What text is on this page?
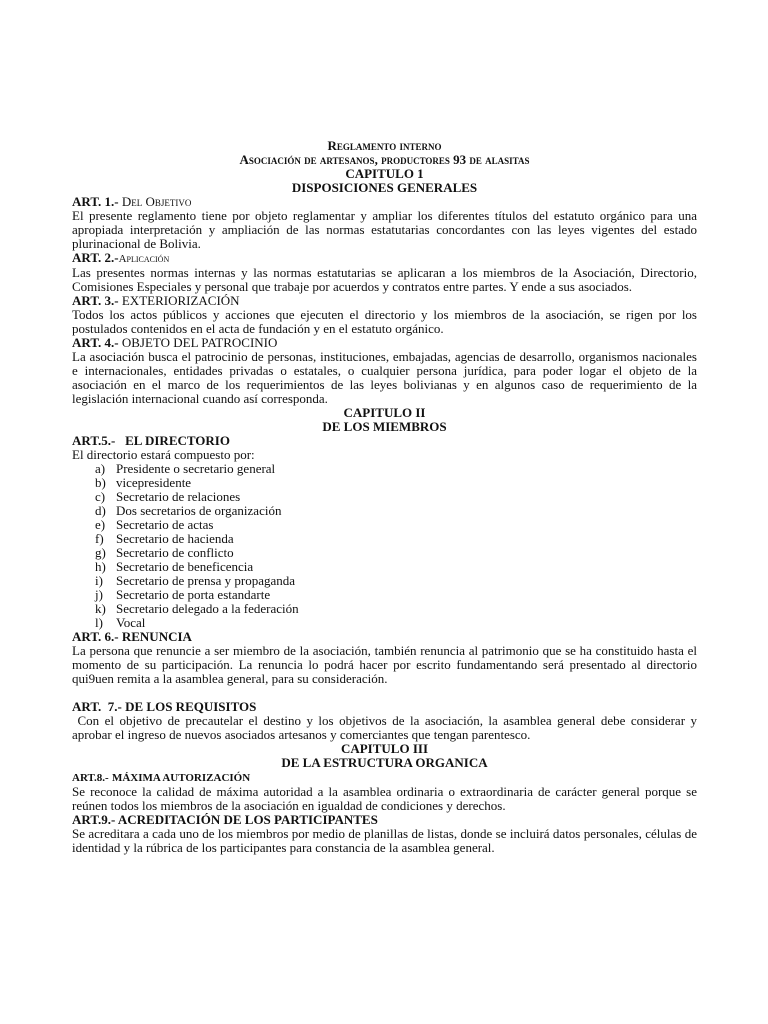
Reglamento interno
Asociación de artesanos, productores 93 de alasitas
CAPITULO 1
DISPOSICIONES GENERALES
ART. 1.- Del Objetivo

El presente reglamento tiene por objeto reglamentar y ampliar los diferentes títulos del estatuto orgánico para una apropiada interpretación y ampliación de las normas estatutarias concordantes con las leyes vigentes del estado plurinacional de Bolivia.

ART. 2.-Aplicación

Las presentes normas internas y las normas estatutarias se aplicaran a los miembros de la Asociación, Directorio, Comisiones Especiales y personal que trabaje por acuerdos y contratos entre partes. Y ende a sus asociados.

ART. 3.- EXTERIORIZACIÓN

Todos los actos públicos y acciones que ejecuten el directorio y los miembros de la asociación, se rigen por los postulados contenidos en el acta de fundación y en el estatuto orgánico.

ART. 4.- OBJETO DEL PATROCINIO

La asociación busca el patrocinio de personas, instituciones, embajadas, agencias de desarrollo, organismos nacionales e internacionales, entidades privadas o estatales, o cualquier persona jurídica, para poder logar el objeto de la asociación en el marco de los requerimientos de las leyes bolivianas y en algunos caso de requerimiento de la legislación internacional cuando así corresponda.

CAPITULO II
DE LOS MIEMBROS
ART.5.-   EL DIRECTORIO
El directorio estará compuesto por:
a) Presidente o secretario general
b) vicepresidente
c) Secretario de relaciones
d) Dos secretarios de organización
e) Secretario de actas
f) Secretario de hacienda
g) Secretario de conflicto
h) Secretario de beneficencia
i)	Secretario de prensa y propaganda
j)	Secretario de porta estandarte
k) Secretario delegado a la federación
l)	Vocal
ART. 6.- RENUNCIA

La persona que renuncie a ser miembro de la asociación, también renuncia al patrimonio que se ha constituido hasta el momento de su participación. La renuncia lo podrá hacer por escrito fundamentando será presentado al directorio qui9uen remita a la asamblea general, para su consideración.

ART.  7.- DE LOS REQUISITOS

Con el objetivo de precautelar el destino y los objetivos de la asociación, la asamblea general debe considerar y aprobar el ingreso de nuevos asociados artesanos y comerciantes que tengan parentesco.

CAPITULO III
DE LA ESTRUCTURA ORGANICA
ART.8.- MÁXIMA AUTORIZACIÓN

Se reconoce la calidad de máxima autoridad a la asamblea ordinaria o extraordinaria de carácter general porque se reúnen todos los miembros de la asociación en igualdad de condiciones y derechos.

ART.9.- ACREDITACIÓN DE LOS PARTICIPANTES

Se acreditara a cada uno de los miembros por medio de planillas de listas, donde se incluirá datos personales, células de identidad y la rúbrica de los participantes para constancia de la asamblea general.
